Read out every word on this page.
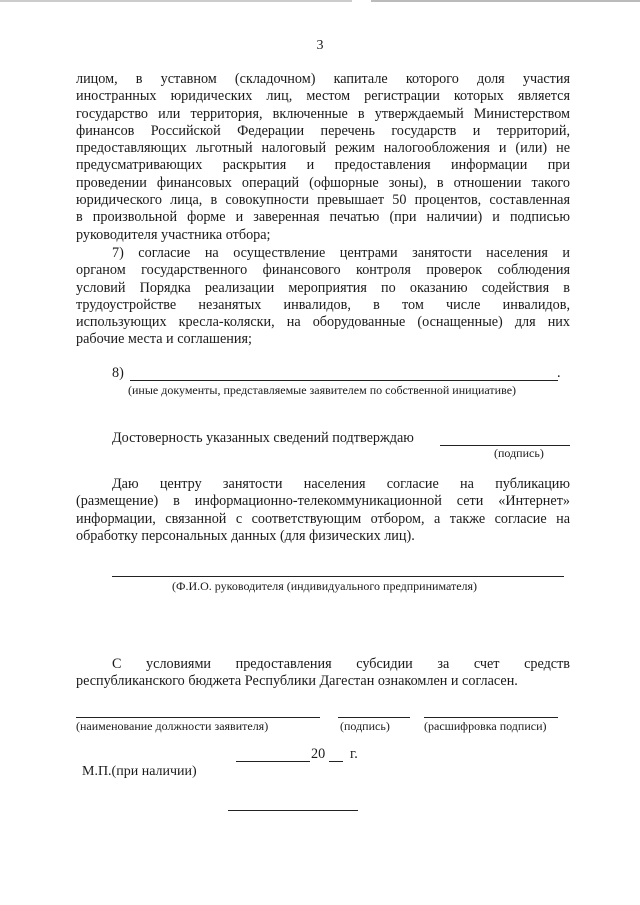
3
лицом, в уставном (складочном) капитале которого доля участия
иностранных юридических лиц, местом регистрации которых является
государство или территория, включенные в утверждаемый Министерством
финансов Российской Федерации перечень государств и территорий,
предоставляющих льготный налоговый режим налогообложения и (или) не
предусматривающих раскрытия и предоставления информации при
проведении финансовых операций (офшорные зоны), в отношении такого
юридического лица, в совокупности превышает 50 процентов, составленная
в произвольной форме и заверенная печатью (при наличии) и подписью
руководителя участника отбора;
7) согласие на осуществление центрами занятости населения и
органом государственного финансового контроля проверок соблюдения
условий Порядка реализации мероприятия по оказанию содействия в
трудоустройстве незанятых инвалидов, в том числе инвалидов,
использующих кресла-коляски, на оборудованные (оснащенные) для них
рабочие места и соглашения;
8)	.
(иные документы, представляемые заявителем по собственной инициативе)
Достоверность указанных сведений подтверждаю
(подпись)
Даю центру занятости населения согласие на публикацию
(размещение) в информационно-телекоммуникационной сети «Интернет»
информации, связанной с соответствующим отбором, а также согласие на
обработку персональных данных (для физических лиц).
(Ф.И.О. руководителя (индивидуального предпринимателя)
С условиями предоставления субсидии за счет средств
республиканского бюджета Республики Дагестан ознакомлен и согласен.
(наименование должности заявителя)	(подпись)	(расшифровка подписи)
20 г.
М.П.(при наличии)
